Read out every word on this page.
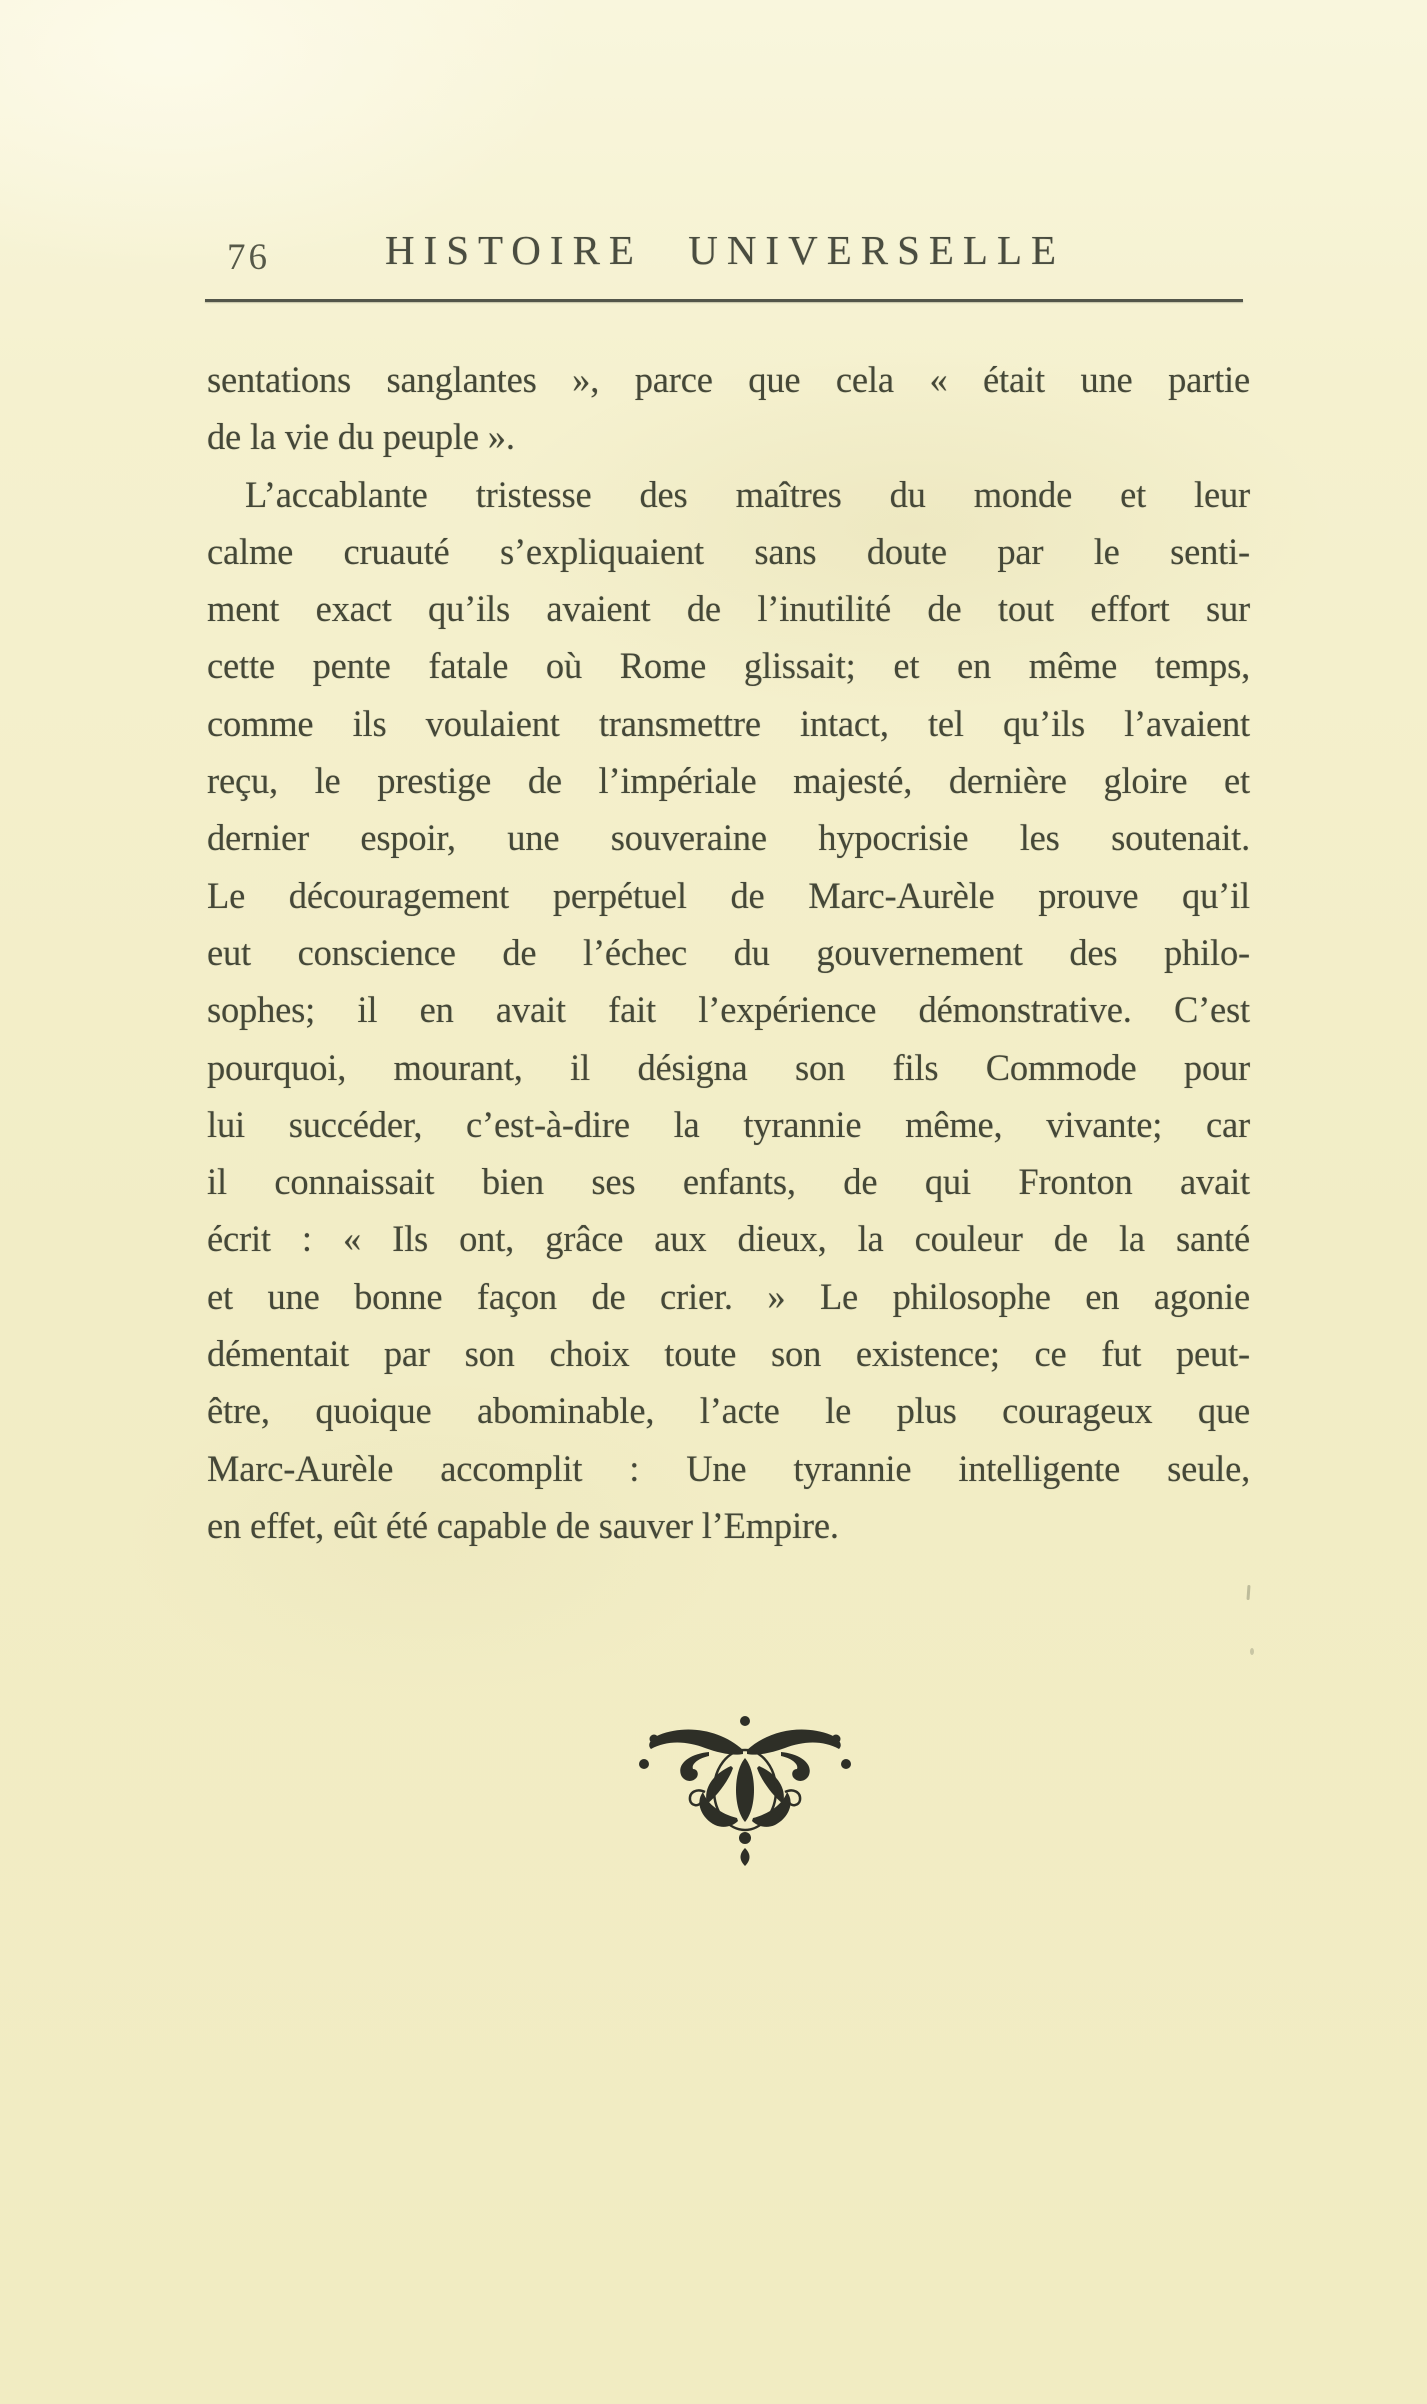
76	HISTOIRE UNIVERSELLE
sentations sanglantes », parce que cela « était une partie
de la vie du peuple ».
L’accablante tristesse des maîtres du monde et leur
calme cruauté s’expliquaient sans doute par le senti-
ment exact qu’ils avaient de l’inutilité de tout effort sur
cette pente fatale où Rome glissait; et en même temps,
comme ils voulaient transmettre intact, tel qu’ils l’avaient
reçu, le prestige de l’impériale majesté, dernière gloire et
dernier espoir, une souveraine hypocrisie les soutenait.
Le découragement perpétuel de Marc-Aurèle prouve qu’il
eut conscience de l’échec du gouvernement des philo-
sophes; il en avait fait l’expérience démonstrative. C’est
pourquoi, mourant, il désigna son fils Commode pour
lui succéder, c’est-à-dire la tyrannie même, vivante; car
il connaissait bien ses enfants, de qui Fronton avait
écrit : « Ils ont, grâce aux dieux, la couleur de la santé
et une bonne façon de crier. » Le philosophe en agonie
démentait par son choix toute son existence; ce fut peut-
être, quoique abominable, l’acte le plus courageux que
Marc-Aurèle accomplit : Une tyrannie intelligente seule,
en effet, eût été capable de sauver l’Empire.
